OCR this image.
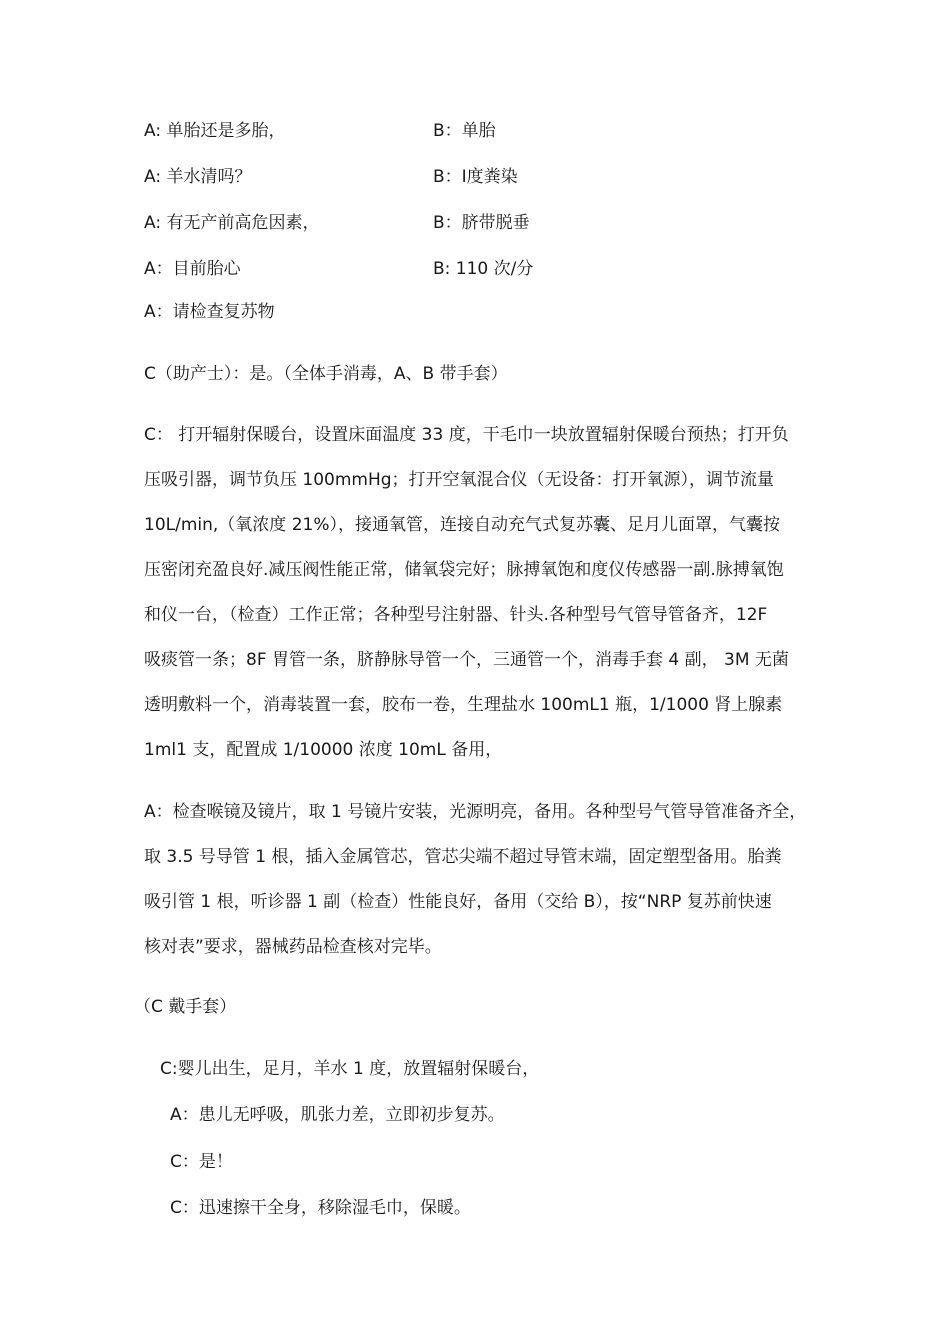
A: 单胎还是多胎，	B：单胎
A: 羊水清吗？	B：Ⅰ度粪染
A: 有无产前高危因素，	B：脐带脱垂
A：目前胎心	B: 110 次/分
A：请检查复苏物
C（助产士）：是。（全体手消毒，A、B 带手套）
C： 打开辐射保暖台，设置床面温度 33 度，干毛巾一块放置辐射保暖台预热；打开负
压吸引器，调节负压 100mmHg；打开空氧混合仪（无设备：打开氧源），调节流量
10L/min,（氧浓度 21%），接通氧管，连接自动充气式复苏囊、足月儿面罩，气囊按
压密闭充盈良好.减压阀性能正常，储氧袋完好；脉搏氧饱和度仪传感器一副.脉搏氧饱
和仪一台，（检查）工作正常；各种型号注射器、针头.各种型号气管导管备齐，12F
吸痰管一条；8F 胃管一条，脐静脉导管一个，三通管一个，消毒手套 4 副， 3M 无菌
透明敷料一个，消毒装置一套，胶布一卷，生理盐水 100mL1 瓶，1/1000 肾上腺素
1ml1 支，配置成 1/10000 浓度 10mL 备用，
A：检查喉镜及镜片，取 1 号镜片安装，光源明亮，备用。各种型号气管导管准备齐全，
取 3.5 号导管 1 根，插入金属管芯，管芯尖端不超过导管末端，固定塑型备用。胎粪
吸引管 1 根，听诊器 1 副（检查）性能良好，备用（交给 B），按“NRP 复苏前快速
核对表”要求，器械药品检查核对完毕。
（C 戴手套）
C:婴儿出生，足月，羊水 1 度，放置辐射保暖台，
A：患儿无呼吸，肌张力差，立即初步复苏。
C：是！
C：迅速擦干全身，移除湿毛巾，保暖。
